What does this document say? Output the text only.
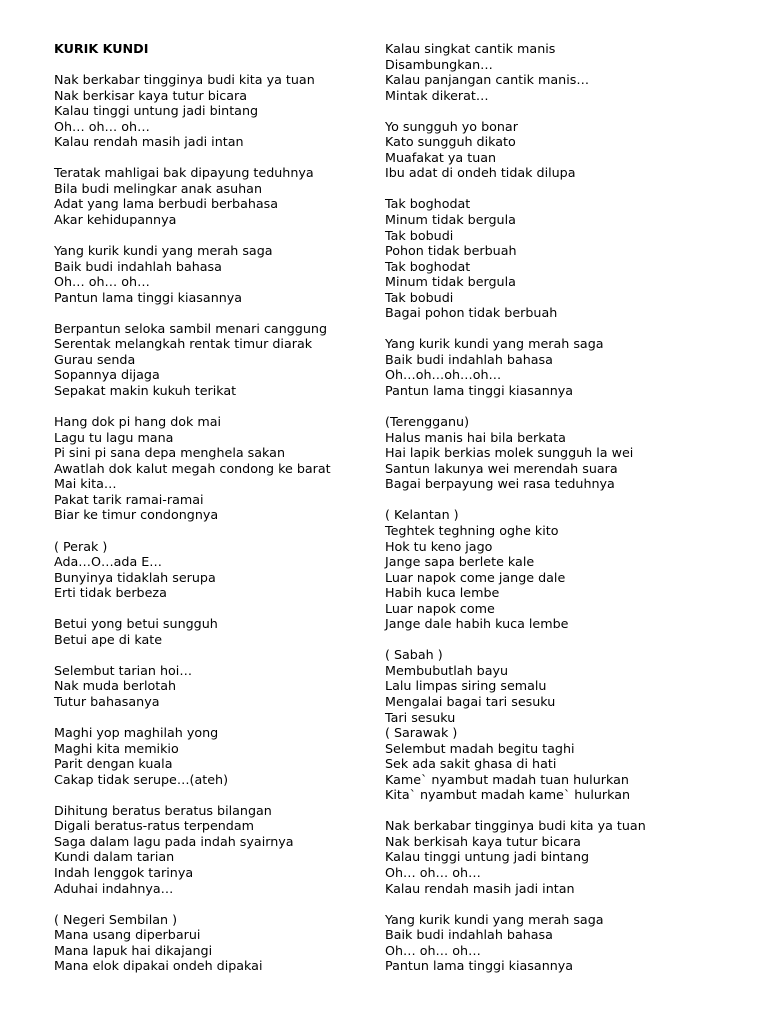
KURIK KUNDI
Nak berkabar tingginya budi kita ya tuan
Nak berkisar kaya tutur bicara
Kalau tinggi untung jadi bintang
Oh… oh… oh…
Kalau rendah masih jadi intan
Teratak mahligai bak dipayung teduhnya
Bila budi melingkar anak asuhan
Adat yang lama berbudi berbahasa
Akar kehidupannya
Yang kurik kundi yang merah saga
Baik budi indahlah bahasa
Oh… oh… oh…
Pantun lama tinggi kiasannya
Berpantun seloka sambil menari canggung
Serentak melangkah rentak timur diarak
Gurau senda
Sopannya dijaga
Sepakat makin kukuh terikat
Hang dok pi hang dok mai
Lagu tu lagu mana
Pi sini pi sana depa menghela sakan
Awatlah dok kalut megah condong ke barat
Mai kita…
Pakat tarik ramai-ramai
Biar ke timur condongnya
( Perak )
Ada…O…ada E…
Bunyinya tidaklah serupa
Erti tidak berbeza
Betui yong betui sungguh
Betui ape di kate
Selembut tarian hoi…
Nak muda berlotah
Tutur bahasanya
Maghi yop maghilah yong
Maghi kita memikio
Parit dengan kuala
Cakap tidak serupe…(ateh)
Dihitung beratus beratus bilangan
Digali beratus-ratus terpendam
Saga dalam lagu pada indah syairnya
Kundi dalam tarian
Indah lenggok tarinya
Aduhai indahnya…
( Negeri Sembilan )
Mana usang diperbarui
Mana lapuk hai dikajangi
Mana elok dipakai ondeh dipakai
Kalau singkat cantik manis
Disambungkan…
Kalau panjangan cantik manis…
Mintak dikerat…
Yo sungguh yo bonar
Kato sungguh dikato
Muafakat ya tuan
Ibu adat di ondeh tidak dilupa
Tak boghodat
Minum tidak bergula
Tak bobudi
Pohon tidak berbuah
Tak boghodat
Minum tidak bergula
Tak bobudi
Bagai pohon tidak berbuah
Yang kurik kundi yang merah saga
Baik budi indahlah bahasa
Oh…oh…oh…oh…
Pantun lama tinggi kiasannya
(Terengganu)
Halus manis hai bila berkata
Hai lapik berkias molek sungguh la wei
Santun lakunya wei merendah suara
Bagai berpayung wei rasa teduhnya
( Kelantan )
Teghtek teghning oghe kito
Hok tu keno jago
Jange sapa berlete kale
Luar napok come jange dale
Habih kuca lembe
Luar napok come
Jange dale habih kuca lembe
( Sabah )
Membubutlah bayu
Lalu limpas siring semalu
Mengalai bagai tari sesuku
Tari sesuku
( Sarawak )
Selembut madah begitu taghi
Sek ada sakit ghasa di hati
Kame` nyambut madah tuan hulurkan
Kita` nyambut madah kame` hulurkan
Nak berkabar tingginya budi kita ya tuan
Nak berkisah kaya tutur bicara
Kalau tinggi untung jadi bintang
Oh… oh… oh…
Kalau rendah masih jadi intan
Yang kurik kundi yang merah saga
Baik budi indahlah bahasa
Oh… oh… oh…
Pantun lama tinggi kiasannya
